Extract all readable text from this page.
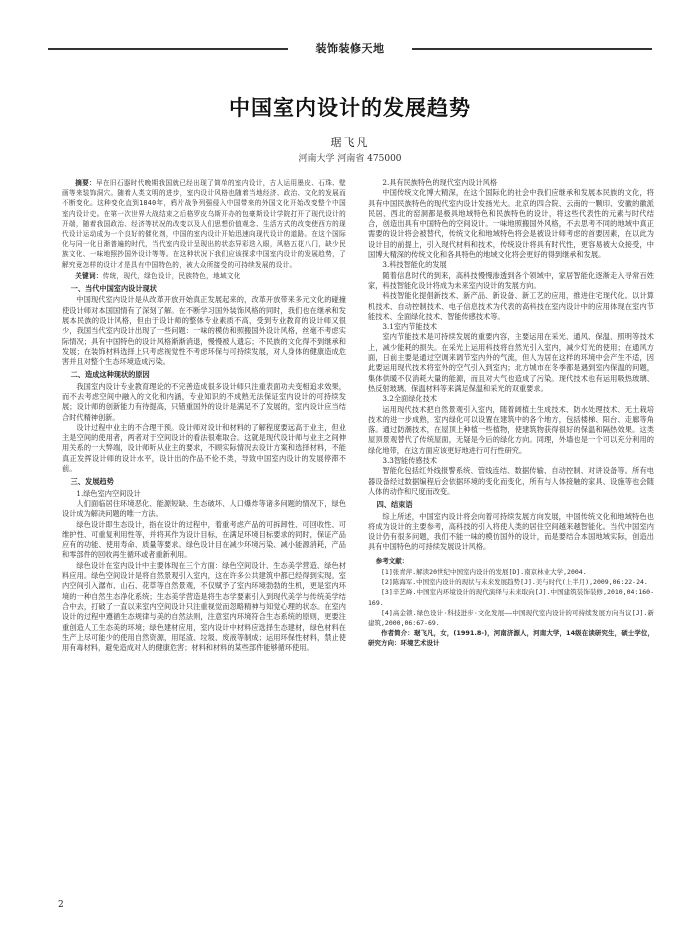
装饰装修天地
中国室内设计的发展趋势
琚飞凡
河南大学 河南省 475000

摘要：早在旧石器时代晚期我国就已经出现了简单的室内设计，古人运用墨皮、石珠、壁画等来装饰洞穴。随着人类文明的进步，室内设计风格也随着当地经济、政治、文化的发展而不断变化。这种变化直到1840年，鸦片战争列强侵入中国带来的外国文化开始改变整个中国室内设计史。在第一次世界大战结束之后格罗皮乌斯开办的包豪斯设计学院打开了现代设计的开端，随着我国政治、经济等状况的改变以及人们思想价值观念、生活方式的改变使西方的现代设计运动成为一个良好的催化剂，中国的室内设计开始迅速向现代设计的道路。在这个国际化与同一化日渐普遍的时代，当代室内设计呈现出的状态异彩迭入眼，风格五花八门，缺少民族文化、一味地照抄国外设计等等。在这种状况下我们应该探求中国室内设计的发展趋势，了解究竟怎样的设计才是具有中国特色的，被大众所接受的可持续发展的设计。

关键词：传统，现代，绿色设计，民族特色，地域文化

一、当代中国室内设计现状

中国现代室内设计是从改革开放开始真正发展起来的，改革开放带来多元文化的碰撞使设计师对本国国情有了深刻了解。在不断学习国外装饰风格的同时，我们也在继承和发展本民族的设计风格，但由于设计师的整体专业素质不高，受到专业教育的设计师又很少，我国当代室内设计出现了一些问题：一味的模仿和照搬国外设计风格，丝毫不考虑实际情况；具有中国特色的设计风格渐渐消退，慢慢被人遗忘；不民族的文化得不到继承和发展；在装饰材料选择上只考虑视觉性不考虑环保与可持续发展，对人身体的健康造成危害并且对整个生态环境造成污染。

二、造成这种现状的原因

我国室内设计专业教育理论的不完善造成很多设计师只注重表面功夫变相追求效果，而不去考虑空间中融入的文化和内涵，专业知识的不成熟无法保证室内设计的可持续发展；设计师的创新能力有待提高，只错重国外的设计是满足不了发展的，室内设计应当结合时代精神创新。

设计过程中业主的不合理干预。设计师对设计和材料的了解程度要远高于业主，但业主是空间的使用者，两者对于空间设计的看法很难取合。这就是现代设计师与业主之间伸用关系的一大弊端，设计师听从业主的要求，不顾实际情况去设计方案和选择材料，不能真正发挥设计师的设计水平，设计出的作品不伦不类，导致中国室内设计的发展停滞不前。

三、发展趋势

1.绿色室内空间设计

人们面临居住环境恶化、能源短缺、生态破坏、人口爆炸等诸多问题的情况下，绿色设计成为解决问题的唯一方法。

绿色设计即生态设计，指在设计的过程中，着重考虑产品的可拆卸性、可回收性、可维护性、可重复利用性等，并将其作为设计目标，在满足环境目标要求的同时，保证产品应有的功能、使用寿命、质量等要求。绿色设计目在减少环境污染、减小能源消耗，产品和零部件的回收再生循环或者重新利用。

绿色设计在室内设计中主要体现在三个方面：绿色空间设计、生态美学营造、绿色材料应用。绿色空间设计是将自然景观引入室内，这在许多公共建筑中都已经得到实现。室内空间引入潺布、山石、花草等自然景观，不仅赋予了室内环境勃勃的生机，更是室内环境的一种自然生态净化系统；生态美学营造是将生态学要素引入到现代美学与传统美学结合中去，打破了一直以来室内空间设计只注重视觉而忽略精神与知觉心理的状态。在室内设计的过程中遵循生态规律与美的自然法则，注意室内环境符合生态系统的原则，更要注重创造人工生态美的环境；绿色建材应用，室内设计中材料应选择生态建材，绿色材料在生产上尽可能少的使用自然资源，用尾渣、垃圾、废液等制成；运用环保性材料，禁止使用有毒材料，避免造成对人的健康危害；材料和材料的某些部件能够循环使用。

2.具有民族特色的现代室内设计风格

中国传统文化博大精深，在这个国际化的社会中我们应继承和发展本民族的文化，将具有中国民族特色的现代室内设计发扬光大。北京的四合院、云南的一颗印、安徽的徽派民居、西北的窑洞都是极具地域特色和民族特色的设计，将这些代表性的元素与时代结合，创造出具有中国特色的空间设计。一味地照搬国外风格，不去思考不同的地域中真正需要的设计将会被替代，传统文化和地域特色将会是被设计师考虑的首要因素，在以此为设计目的前提上，引入现代材料和技术，传统设计将具有时代性，更容易被大众接受，中国博大精深的传统文化和各具特色的地域文化将会更好的得到继承和发展。

3.科技智能化的发展

随着信息时代的到来，高科技慢慢渗透到各个领域中，家居智能化逐渐走入寻常百姓家，科技智能化设计将成为未来室内设计的发展方向。

科技智能化提倡新技术、新产品、新设备、新工艺的应用，推进住宅现代化。以计算机技术、自动控制技术、电子信息技术为代表的高科技在室内设计中的应用体现在室内节能技术、全面绿化技术、智能传感技术等。

3.1室内节能技术

室内节能技术是可持续发展的重要内容，主要运用在采光、通风、保温、照明等技术上，减少能耗的损失。在采光上运用科技将自然光引入室内，减少灯光的使用；在通风方面，日前主要是通过空调来调节室内外的气流，但人为居在这样的环境中会产生不适，因此要运用现代技术将室外的空气引入到室内；北方城市在冬季都是遇到室内保温的问题，集体供暖不仅消耗大量的能源，而且对大气也造成了污染。现代技术也有运用吸热玻璃、热反射玻璃、保温材料等来满足保温和采光的双重要求。

3.2全面绿化技术

运用现代技术把自然景观引入室内，随着阔植土生成技术、防水处理技术、无土栽培技术的进一步成熟，室内绿化可以设置在建筑中的各个地方，包括楼梯、阳台、走廊等角落。通过防潮技术，在屋顶上种植一些植物，使建筑物获得很好的保温和隔热效果。这类屋顶景观替代了传统屋面，无疑是今后的绿化方向。同理，外墙也是一个可以充分利用的绿化地带，在这方面应该更好地进行可行性研究。

3.3智能传感技术

智能化包括红外线报警系统、管线连结、数据传输、自动控制、对讲设备等。所有电器设备经过数据编程后会依据环境的变化而变化，所有与人体接触的家具、设施等也会随人体的动作和尺度而改变。

四、结束语

综上所述，中国室内设计将会向着可持续发展方向发展，中国传统文化和地域特色也将成为设计的主要参考，高科技的引入将使人类的居住空间越来越智能化。当代中国室内设计仍有很多问题，我们不能一味的模仿国外的设计，而是要结合本国地域实际，创造出具有中国特色的可持续发展设计风格。

参考文献：

[1]张青萍.解读20世纪中国室内设计的发展[D].南京林业大学,2004.

[2]陈海军.中国室内设计的现状与未来发展趋势[J].美与时代(上半月),2009,06:22-24.

[3]辛艺峰.中国室内环境设计的现代演绎与未来取向[J].中国建筑装饰装修,2010,04:160-169.

[4]高金锁.绿色设计·科技进步·文化发展——中国现代室内设计的可持续发展方向当议[J].新建筑,2000,06:67-69.

作者简介：琚飞凡，女，(1991.8-)，河南济源人，河南大学，14级在读研究生，硕士学位，研究方向：环境艺术设计

2
